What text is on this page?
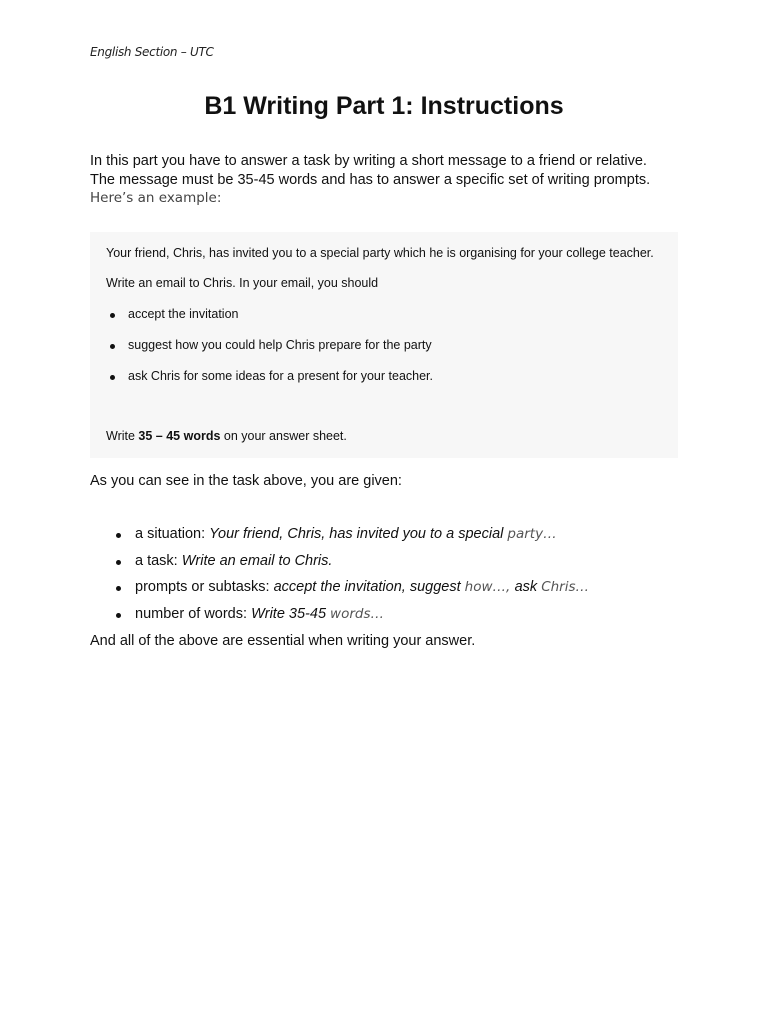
English Section – UTC
B1 Writing Part 1: Instructions

In this part you have to answer a task by writing a short message to a friend or relative.

The message must be 35-45 words and has to answer a specific set of writing prompts.

Here’s an example:

Your friend, Chris, has invited you to a special party which he is organising for your college teacher.
Write an email to Chris. In your email, you should
accept the invitation
suggest how you could help Chris prepare for the party
ask Chris for some ideas for a present for your teacher.
Write 35 – 45 words on your answer sheet.
As you can see in the task above, you are given:
a situation: Your friend, Chris, has invited you to a special party…
a task: Write an email to Chris.
prompts or subtasks: accept the invitation, suggest how…, ask Chris…
number of words: Write 35-45 words…
And all of the above are essential when writing your answer.
